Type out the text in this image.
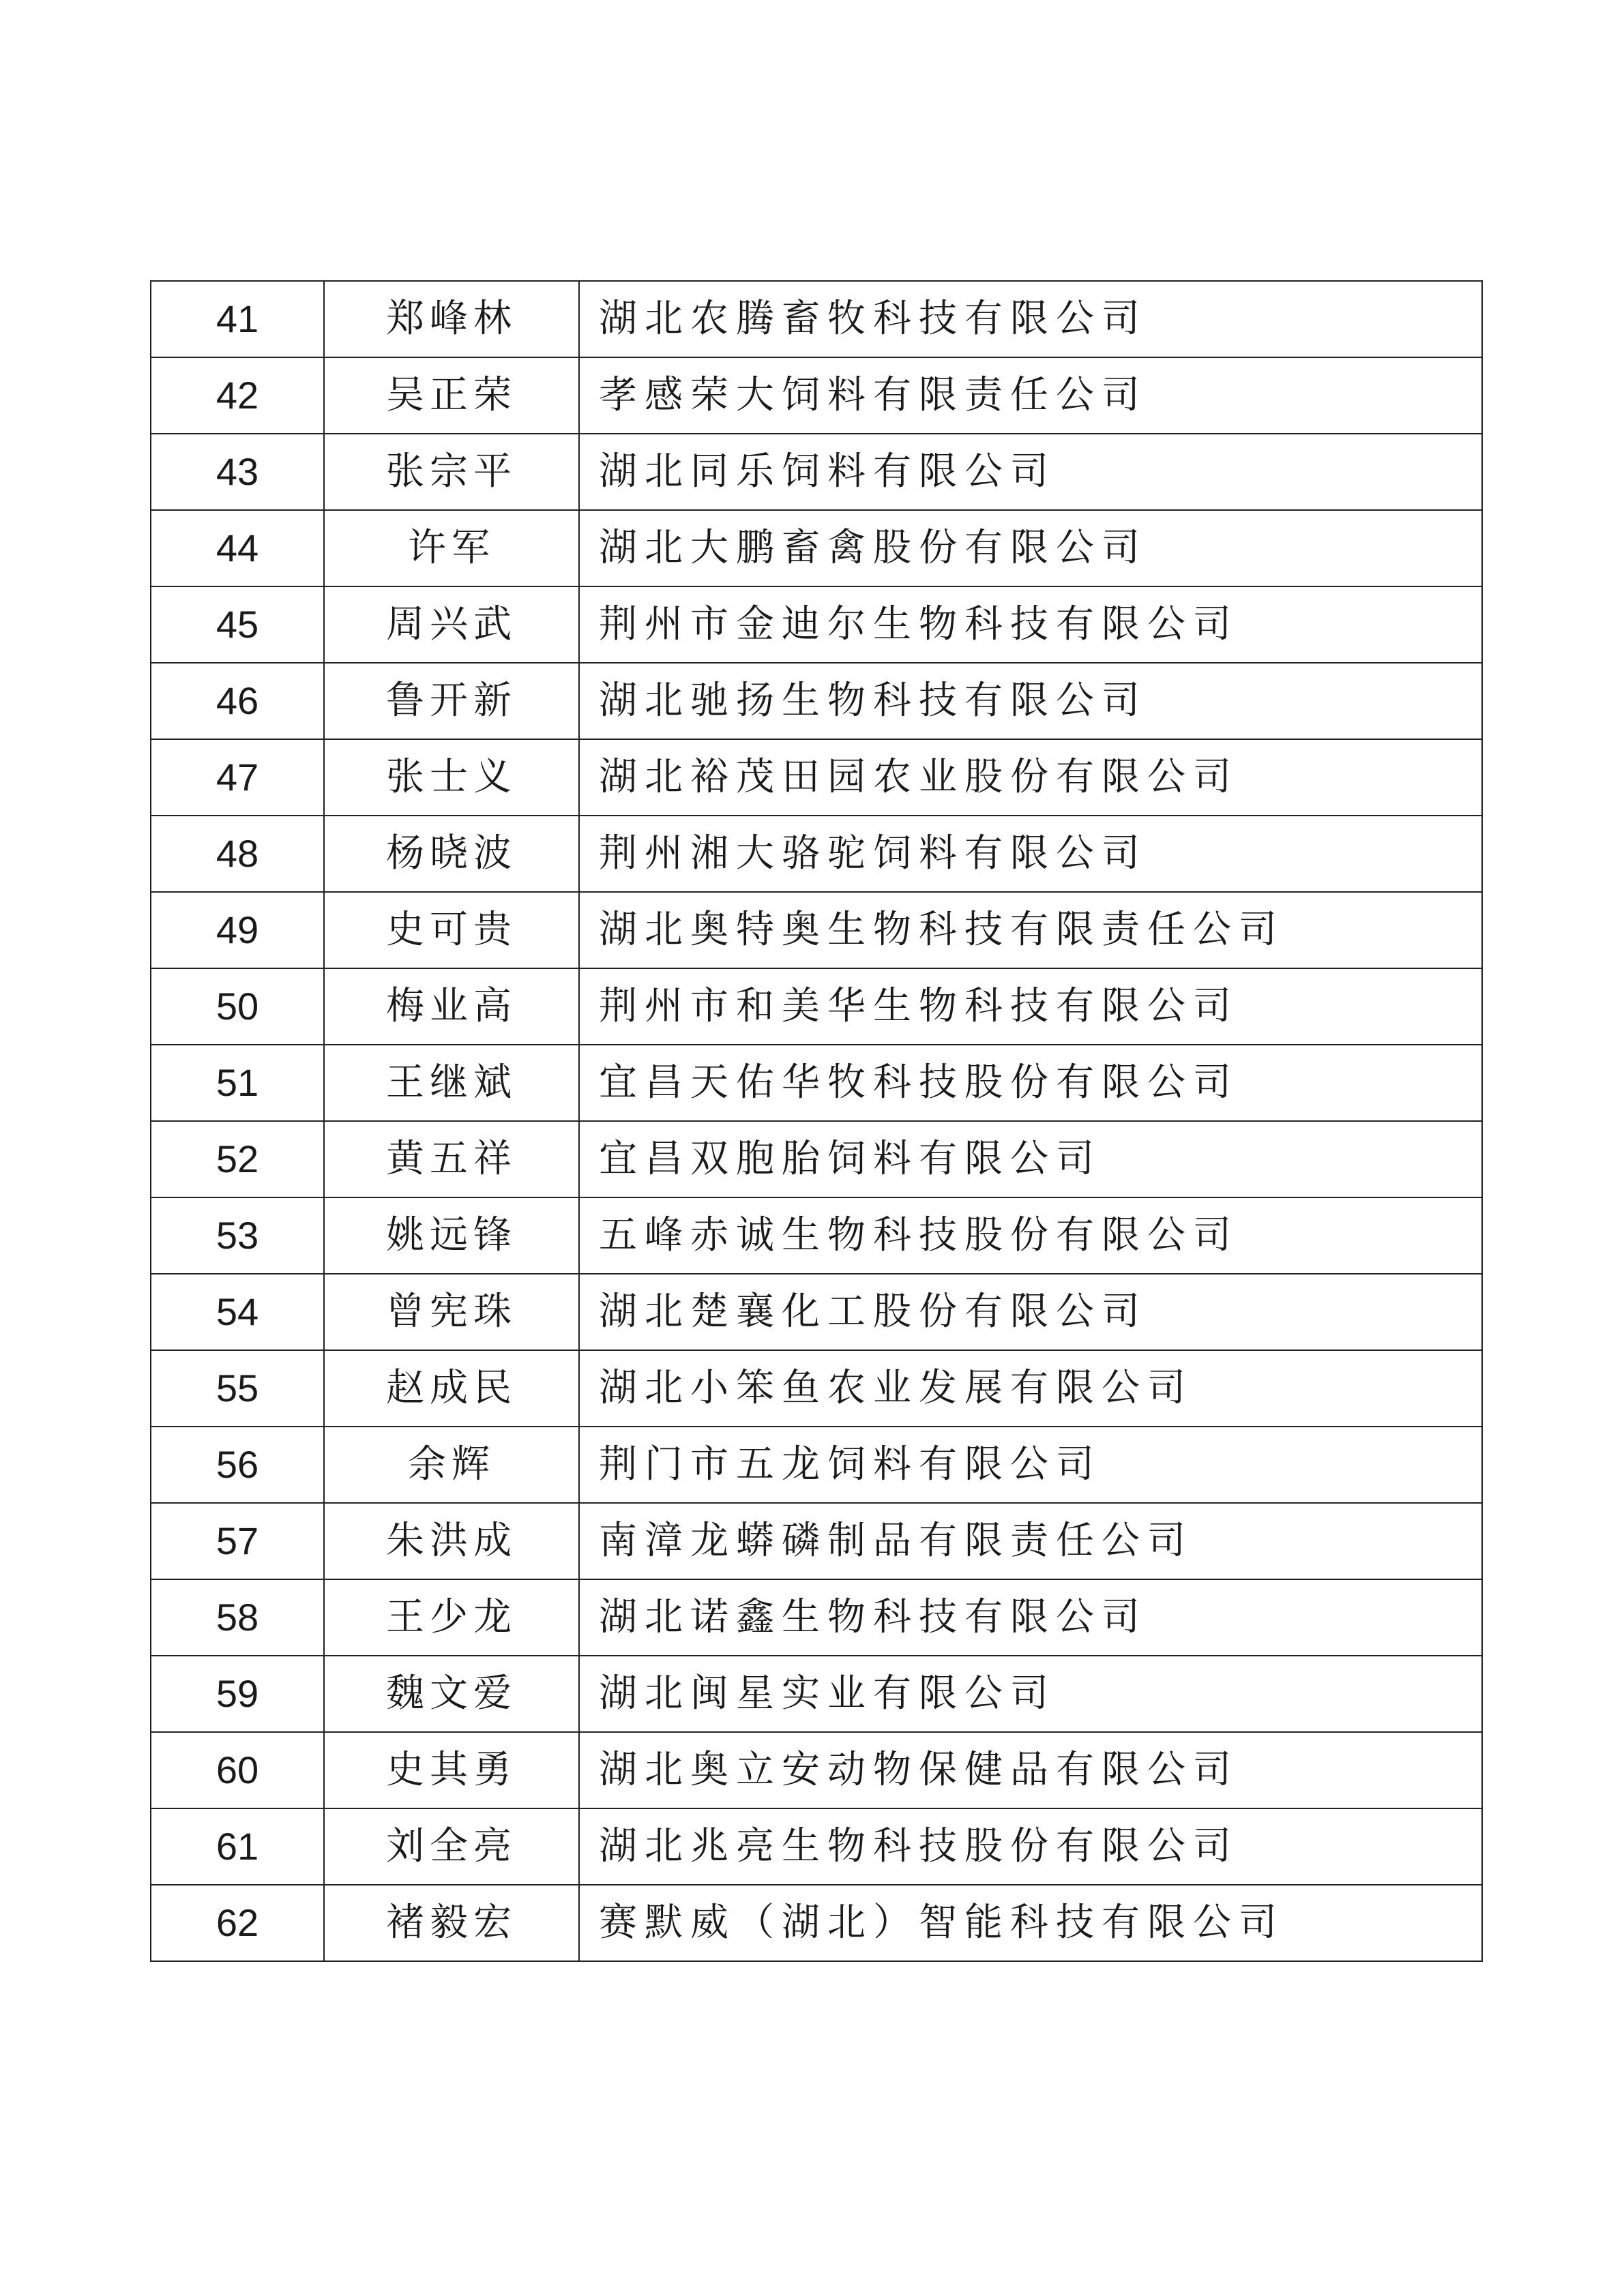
41	郑峰林	湖北农腾畜牧科技有限公司
42	吴正荣	孝感荣大饲料有限责任公司
43	张宗平	湖北同乐饲料有限公司
44	许军	湖北大鹏畜禽股份有限公司
45	周兴武	荆州市金迪尔生物科技有限公司
46	鲁开新	湖北驰扬生物科技有限公司
47	张士义	湖北裕茂田园农业股份有限公司
48	杨晓波	荆州湘大骆驼饲料有限公司
49	史可贵	湖北奥特奥生物科技有限责任公司
50	梅业高	荆州市和美华生物科技有限公司
51	王继斌	宜昌天佑华牧科技股份有限公司
52	黄五祥	宜昌双胞胎饲料有限公司
53	姚远锋	五峰赤诚生物科技股份有限公司
54	曾宪珠	湖北楚襄化工股份有限公司
55	赵成民	湖北小笨鱼农业发展有限公司
56	余辉	荆门市五龙饲料有限公司
57	朱洪成	南漳龙蟒磷制品有限责任公司
58	王少龙	湖北诺鑫生物科技有限公司
59	魏文爱	湖北闽星实业有限公司
60	史其勇	湖北奥立安动物保健品有限公司
61	刘全亮	湖北兆亮生物科技股份有限公司
62	褚毅宏	赛默威（湖北）智能科技有限公司
